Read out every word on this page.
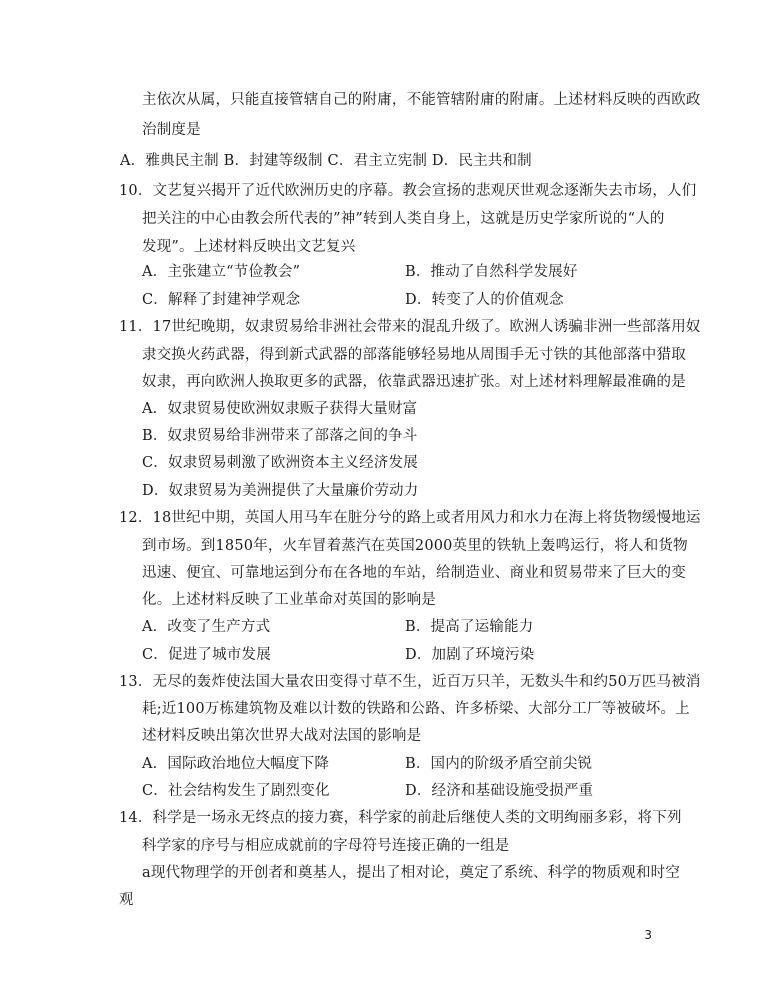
主依次从属，只能直接管辖自己的附庸，不能管辖附庸的附庸。上述材料反映的西欧政
治制度是
A．雅典民主制 B．封建等级制 C．君主立宪制 D．民主共和制
10．文艺复兴揭开了近代欧洲历史的序幕。教会宣扬的悲观厌世观念逐渐失去市场，人们
把关注的中心由教会所代表的”神”转到人类自身上，这就是历史学家所说的“人的
发现”。上述材料反映出文艺复兴
A．主张建立“节俭教会”	B．推动了自然科学发展好
C．解释了封建神学观念	D．转变了人的价值观念
11．17世纪晚期，奴隶贸易给非洲社会带来的混乱升级了。欧洲人诱骗非洲一些部落用奴
隶交换火药武器，得到新式武器的部落能够轻易地从周围手无寸铁的其他部落中猎取
奴隶，再向欧洲人换取更多的武器，依靠武器迅速扩张。对上述材料理解最准确的是
A．奴隶贸易使欧洲奴隶贩子获得大量财富
B．奴隶贸易给非洲带来了部落之间的争斗
C．奴隶贸易刺激了欧洲资本主义经济发展
D．奴隶贸易为美洲提供了大量廉价劳动力
12．18世纪中期，英国人用马车在脏分兮的路上或者用风力和水力在海上将货物缓慢地运
到市场。到1850年，火车冒着蒸汽在英国2000英里的铁轨上轰鸣运行，将人和货物
迅速、便宜、可靠地运到分布在各地的车站，给制造业、商业和贸易带来了巨大的变
化。上述材料反映了工业革命对英国的影响是
A．改变了生产方式	B．提高了运输能力
C．促进了城市发展	D．加剧了环境污染
13．无尽的轰炸使法国大量农田变得寸草不生，近百万只羊，无数头牛和约50万匹马被消
耗;近100万栋建筑物及难以计数的铁路和公路、许多桥梁、大部分工厂等被破坏。上
述材料反映出第次世界大战对法国的影响是
A．国际政治地位大幅度下降	B．国内的阶级矛盾空前尖锐
C．社会结构发生了剧烈变化	D．经济和基础设施受损严重
14．科学是一场永无终点的接力赛，科学家的前赴后继使人类的文明绚丽多彩，将下列
科学家的序号与相应成就前的字母符号连接正确的一组是
a现代物理学的开创者和奠基人，提出了相对论，奠定了系统、科学的物质观和时空
观
3
